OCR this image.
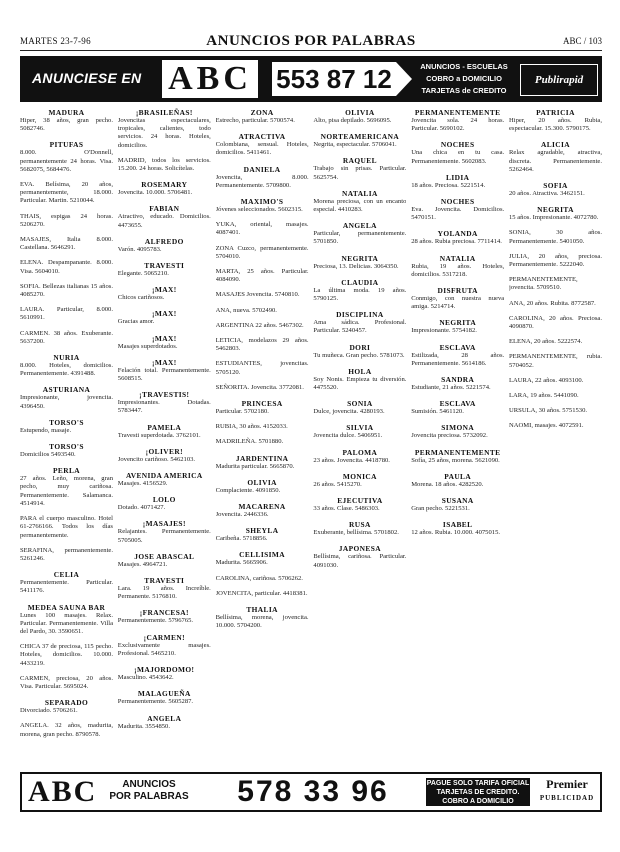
MARTES 23-7-96	ANUNCIOS POR PALABRAS	ABC / 103
ANUNCIESE EN ABC 553 87 12	ANUNCIOS - ESCUELAS
COBRO a DOMICILIO
TARJETAS de CREDITO
Publirapid
MADURA
Hiper, 38 años, gran pecho. 5082746.
PITUFAS
8.000. O'Donnell, permanentemente 24 horas. Visa. 5682075, 5684476.
EVA. Belísima, 20 años, permanentemente, 18.000. Particular. Martin. 5210044.
THAIS, espigas 24 horas. 5206270.
MASAJES, Italia 8.000. Castellana. 5646291.
ELENA. Despampanante. 8.000. Visa. 5604010.
SOFIA. Bellezas italianas 15 años. 4085270.
LAURA. Particular, 8.000. 5610991.
CARMEN. 38 años. Exuberante. 5637200.
NURIA
8.000. Hoteles, domicilios. Permanentemente. 4391488.
ASTURIANA
Impresionante, jovencita. 4396450.
TORSO'S
Estupendo, masaje.
TORSO'S
Domicilios 5493540.
PERLA
27 años. Leño, morena, gran pecho, muy cariñosa. Permanentemente. Salamanca. 4514914.
PARA el cuerpo masculino. Hotel 61-2766166. Todos los días permanentemente.
SERAFINA, permanentemente. 5261246.
CELIA
Permanentemente. Particular. 5411176.
MEDEA SAUNA BAR
Lunes 100 masajes. Relax. Particular. Permanentemente. Villa del Pardo, 30. 3590651.
CHICA 37 de preciosa, 115 pecho. Hoteles, domicilios. 10.000. 4433219.
CARMEN, preciosa, 20 años. Visa. Particular. 5695024.
SEPARADO
Divorciado. 5706261.
ANGELA. 32 años, madurita, morena, gran pecho. 8790578.
¡BRASILEÑAS!
Jovencitas espectaculares, tropicales, calientes, todo servicios. 24 horas. Hoteles, domicilios.
MADRID, todos los servicios. 15.200. 24 horas. Solicítelas.
ROSEMARY
Jovencita. 10.000. 5706481.
FABIAN
Atractivo, educado. Domicilios. 4473655.
ALFREDO
Varón. 4095783.
TRAVESTI
Elegante. 5065210.
¡MAX!
Chicos cariñosos.
¡MAX!
Gracias amor.
¡MAX!
Masajes superdotados.
¡MAX!
Felación total. Permanentemente. 5608515.
¡TRAVESTIS!
Impresionantes. Dotadas. 5783447.
PAMELA
Travesti superdotada. 3762101.
¡OLIVER!
Jovencito cariñoso. 5462103.
AVENIDA AMERICA
Masajes. 4156529.
LOLO
Dotado. 4071427.
¡MASAJES!
Relajantes. Permanentemente. 5705005.
JOSE ABASCAL
Masajes. 4964721.
TRAVESTI
Lara. 19 años. Increíble. Permanente. 5176810.
¡FRANCESA!
Permanentemente. 5796765.
¡CARMEN!
Exclusivamente masajes. Profesional. 5465210.
¡MAJORDOMO!
Masculino. 4543642.
MALAGUEÑA
Permanentemente. 5605287.
ANGELA
Madurita. 3554850.
ZONA
Estrecho, particular. 5700574.
ATRACTIVA
Colombiana, sensual. Hoteles, domicilios. 5411461.
DANIELA
Jovencita, 8.000. Permanentemente. 5709800.
MAXIMO'S
Jóvenes seleccionados. 5602315.
YUKA, oriental, masajes. 4087401.
ZONA Cuzco, permanentemente. 5704010.
MARTA, 25 años. Particular. 4084090.
MASAJES Jovencita. 5740810.
ANA, nueva. 5702490.
ARGENTINA 22 años. 5467302.
LETICIA, modelazos 29 años. 5462803.
ESTUDIANTES, jovencitas. 5705120.
SEÑORITA. Jovencita. 3772081.
PRINCESA
Particular. 5702180.
RUBIA, 30 años. 4152033.
MADRILEÑA. 5701880.
JARDENTINA
Madurita particular. 5665870.
OLIVIA
Complaciente. 4091850.
MACARENA
Jovencita. 2446336.
SHEYLA
Caribeña. 5718856.
CELLISIMA
Madurita. 5665906.
CAROLINA, cariñosa. 5706262.
JOVENCITA, particular. 4418381.
THALIA
Bellísima, morena, jovencita. 10.000. 5704200.
OLIVIA
Alto, pisa depilado. 5696095.
NORTEAMERICANA
Negrita, espectacular. 5706041.
RAQUEL
Trabajo sin prisas. Particular. 5625754.
NATALIA
Morena preciosa, con un encanto especial. 4410283.
ANGELA
Particular, permanentemente. 5701850.
NEGRITA
Preciosa, 13. Delicias. 3064350.
CLAUDIA
La última moda. 19 años. 5790125.
DISCIPLINA
Ama sádica. Profesional. Particular. 5240457.
DORI
Tu muñeca. Gran pecho. 5781073.
HOLA
Soy Nonis. Empieza tu diversión. 4475520.
SONIA
Dulce, jovencita. 4280193.
SILVIA
Jovencita dulce. 5406951.
PALOMA
23 años. Jovencita. 4418780.
MONICA
26 años. 5415270.
EJECUTIVA
33 años. Clase. 5486303.
RUSA
Exuberante, bellísima. 5701802.
JAPONESA
Bellísima, cariñosa. Particular. 4091030.
PERMANENTEMENTE
Jovencita sola. 24 horas. Particular. 5690102.
NOCHES
Una chica en tu casa. Permanentemente. 5602083.
LIDIA
18 años. Preciosa. 5221514.
NOCHES
Eva. Jovencita. Domicilios. 5470151.
YOLANDA
28 años. Rubia preciosa. 7711414.
NATALIA
Rubia, 19 años. Hoteles, domicilios. 5317218.
DISFRUTA
Conmigo, con nuestra nueva amiga. 5214714.
NEGRITA
Impresionante. 5754182.
ESCLAVA
Estilizada, 28 años. Permanentemente. 5614186.
SANDRA
Estudiante, 21 años. 5221574.
ESCLAVA
Sumisión. 5461120.
SIMONA
Jovencita preciosa. 5732092.
PERMANENTEMENTE
Sofía, 25 años, morena. 5621090.
PAULA
Morena. 18 años. 4282520.
SUSANA
Gran pecho. 5221531.
ISABEL
12 años. Rubia. 10.000. 4075015.
PATRICIA
Hiper, 20 años. Rubia, espectacular. 15.300. 5790175.
ALICIA
Relax agradable, atractiva, discreta. Permanentemente. 5262464.
SOFIA
20 años. Atractiva. 3462151.
NEGRITA
15 años. Impresionante. 4072780.
SONIA, 30 años. Permanentemente. 5401050.
JULIA, 20 años, preciosa. Permanentemente. 5222040.
PERMANENTEMENTE, jovencita. 5709510.
ANA, 20 años. Rubita. 8772587.
CAROLINA, 20 años. Preciosa. 4090870.
ELENA, 20 años. 5222574.
PERMANENTEMENTE, rubia. 5704052.
LAURA, 22 años. 4093100.
LARA, 19 años. 5441090.
URSULA, 30 años. 5751530.
NAOMI, masajes. 4072591.
ABC	ANUNCIOS
POR PALABRAS	578 33 96	PAGUE SOLO TARIFA OFICIAL
TARJETAS DE CREDITO. COBRO A DOMICILIO
Premier
PUBLICIDAD
